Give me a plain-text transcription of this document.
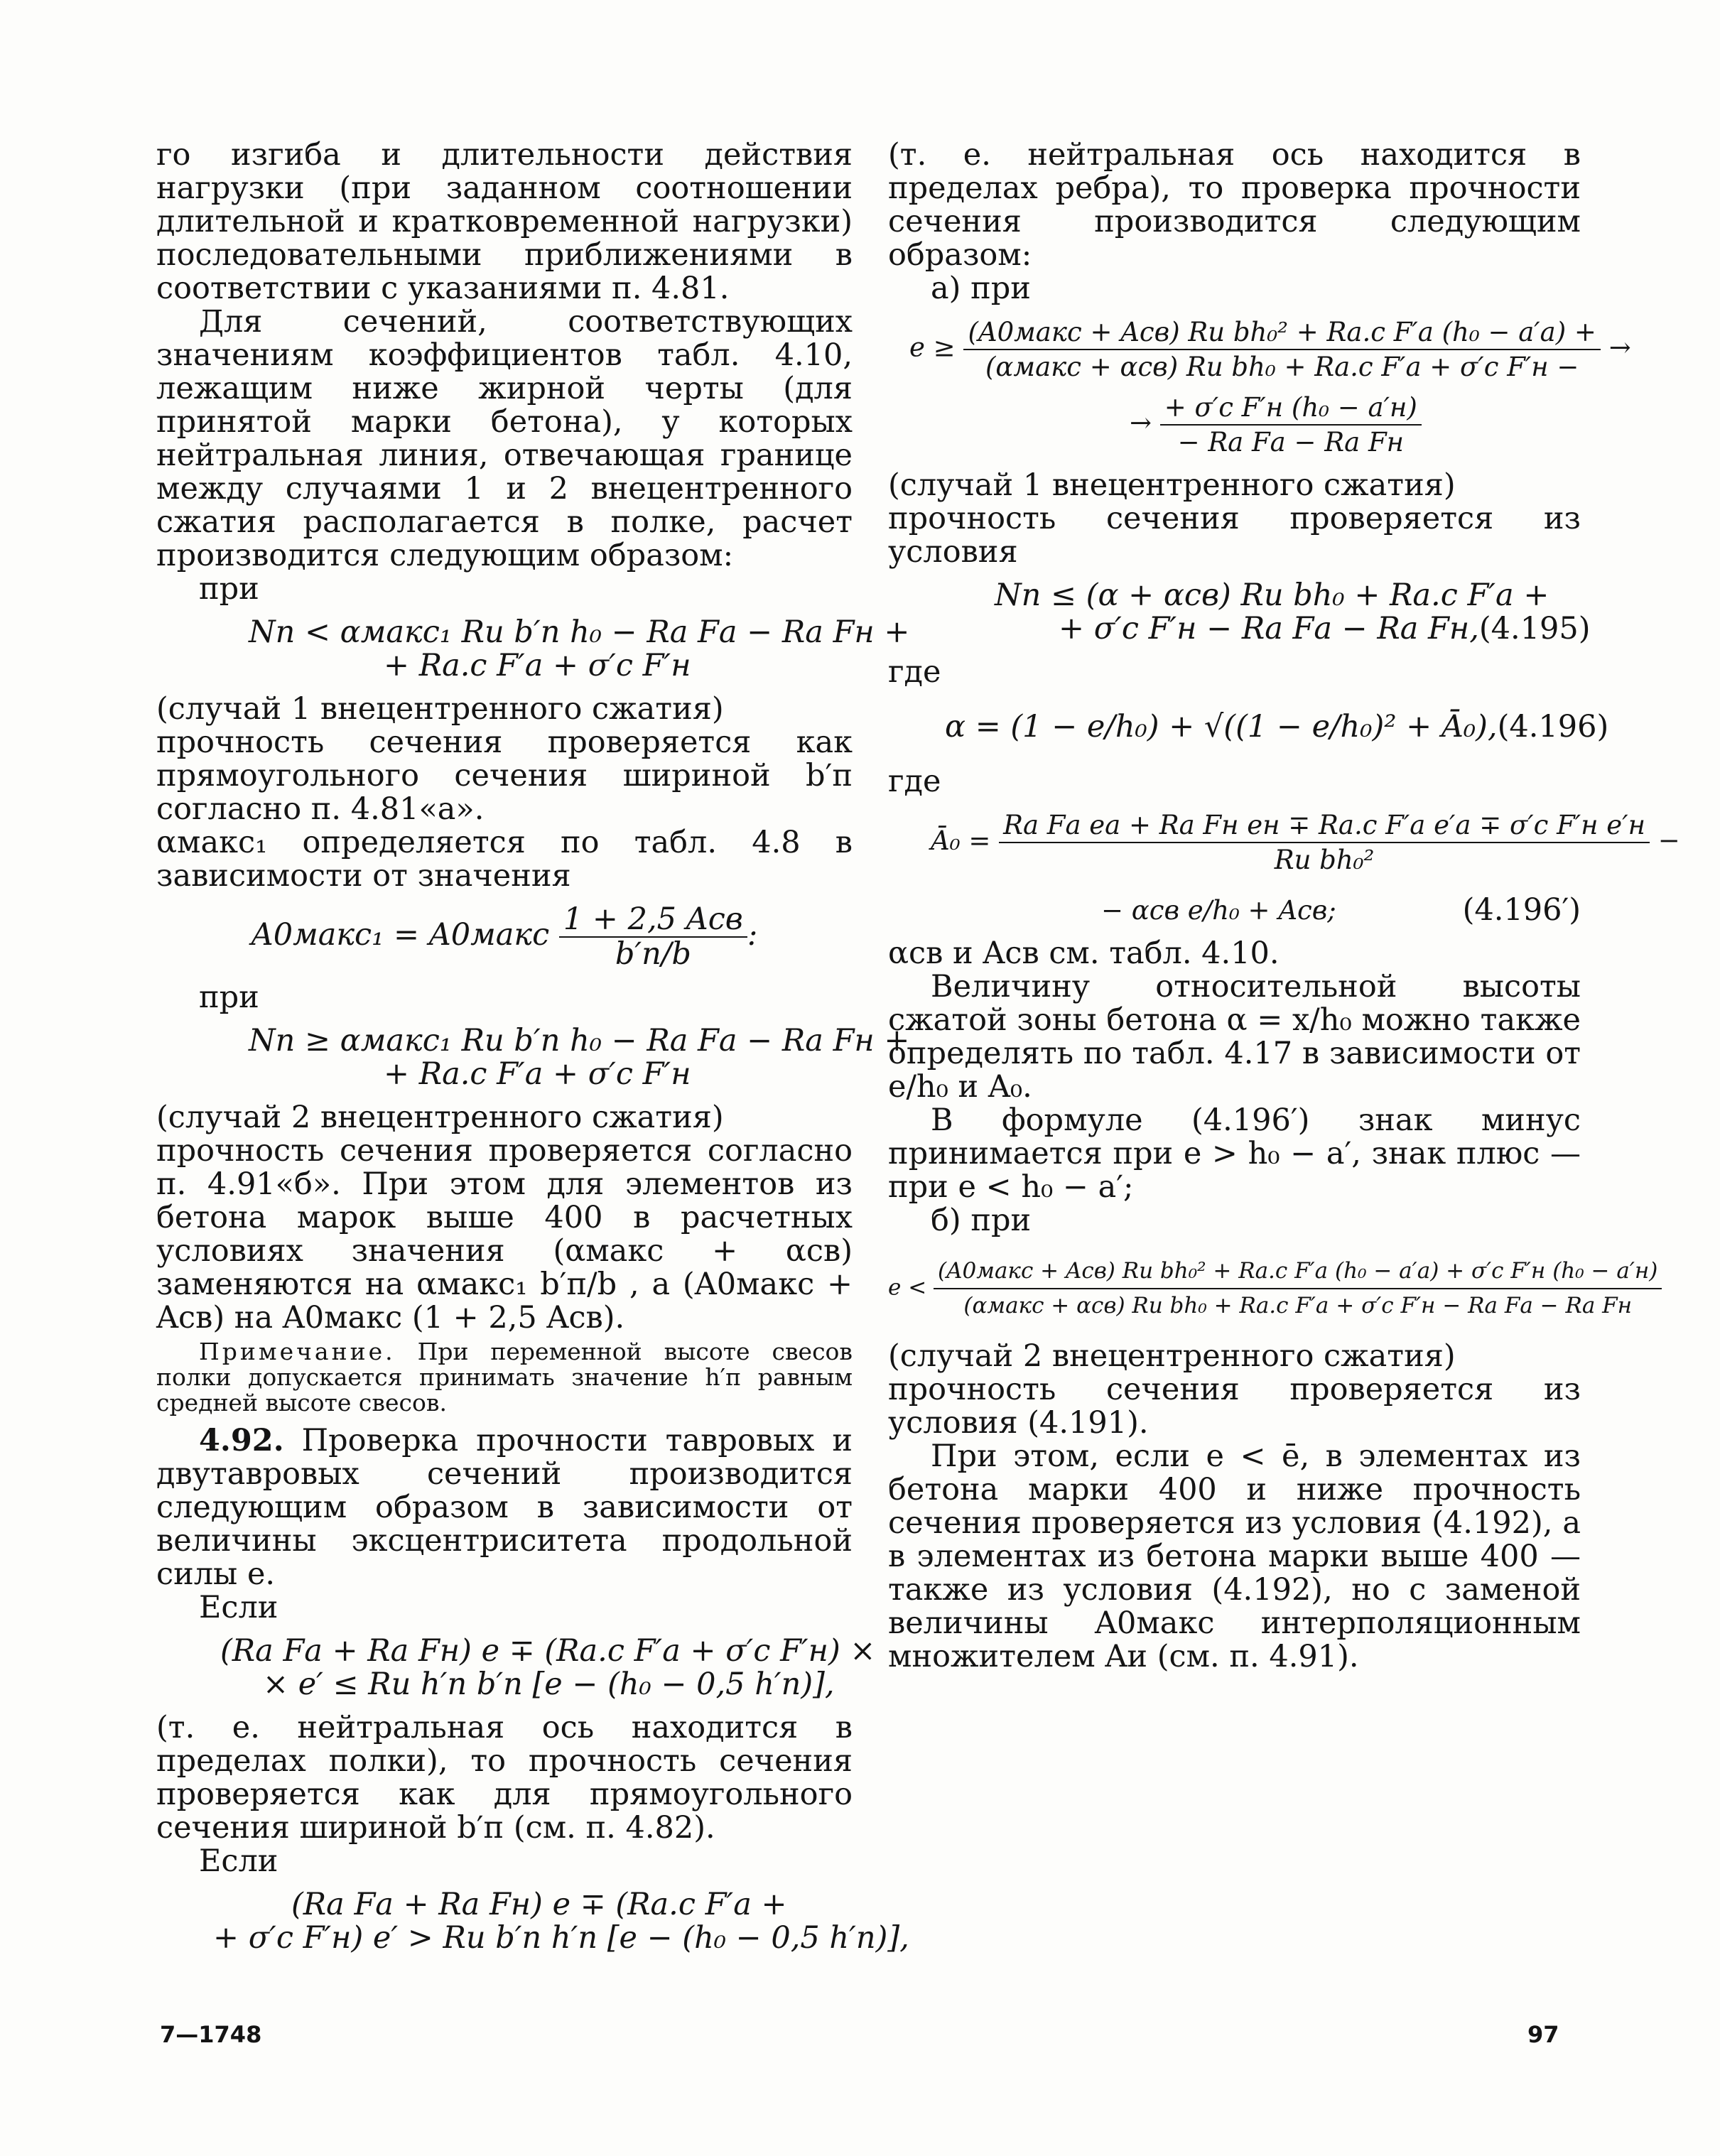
го изгиба и длительности действия нагрузки (при заданном соотношении длительной и кратковременной нагрузки) последовательными приближениями в соответствии с указаниями п. 4.81.

Для сечений, соответствующих значениям коэффициентов табл. 4.10, лежащим ниже жирной черты (для принятой марки бетона), у которых нейтральная линия, отвечающая границе между случаями 1 и 2 внецентренного сжатия располагается в полке, расчет производится следующим образом:

при

Nп < αмакс₁ Rи b′п h₀ − Rа Fа − Rа Fн +
+ Rа.с F′а + σ′с F′н

(случай 1 внецентренного сжатия)

прочность сечения проверяется как прямоугольного сечения шириной b′п согласно п. 4.81«а».

αмакс₁ определяется по табл. 4.8 в зависимости от значения

A0макс₁ = A0макс $\frac{\text{1 + 2,5 Aсв}}{b'п/b}$ :

при

Nп ≥ αмакс₁ Rи b′п h₀ − Rа Fа − Rа Fн +
+ Rа.с F′а + σ′с F′н

(случай 2 внецентренного сжатия)

прочность сечения проверяется согласно п. 4.91«б». При этом для элементов из бетона марок выше 400 в расчетных условиях значения (αмакс + αсв) заменяются на αмакс₁ b′п/b , а (A0макс + Aсв) на A0макс (1 + 2,5 Aсв).

Примечание. При переменной высоте свесов полки допускается принимать значение h′п равным средней высоте свесов.

4.92. Проверка прочности тавровых и двутавровых сечений производится следующим образом в зависимости от величины эксцентриситета продольной силы e.

Если

(Rа Fа + Rа Fн) e ∓ (Rа.с F′а + σ′с F′н) ×
× e′ ≤ Rи h′п b′п [e − (h₀ − 0,5 h′п)],

(т. е. нейтральная ось находится в пределах полки), то прочность сечения проверяется как для прямоугольного сечения шириной b′п (см. п. 4.82).

Если

(Rа Fа + Rа Fн) e ∓ (Rа.с F′а +
+ σ′с F′н) e′ > Rи b′п h′п [e − (h₀ − 0,5 h′п)],

(т. е. нейтральная ось находится в пределах ребра), то проверка прочности сечения производится следующим образом:

а) при

$e \ge \frac{\text{(A0макс + Aсв) Rи bh₀² + Rа.с F′а (h₀ − a′а) +}}{\text{(αмакс + αсв) Rи bh₀ + Rа.с F′а + σ′с F′н −}}$ →
→ $\frac{\text{+ σ′с F′н (h₀ − a′н)}}{\text{− Rа Fа − Rа Fн}}$

(случай 1 внецентренного сжатия)

прочность сечения проверяется из условия

Nп ≤ (α + αсв) Rи bh₀ + Rа.с F′а +
+ σ′с F′н − Rа Fа − Rа Fн, (4.195)

где

α = (1 − e/h₀) + √((1 − e/h₀)² + Ā₀), (4.196)

где

Ā₀ = $\frac{\text{Rа Fа eа + Rа Fн eн ∓ Rа.с F′а e′а ∓ σ′с F′н e′н}}{\text{Rи bh₀²}}$ −
− αсв e/h₀ + Aсв;	(4.196′)

αсв и Aсв см. табл. 4.10.

Величину относительной высоты сжатой зоны бетона α = x/h₀ можно также определять по табл. 4.17 в зависимости от e/h₀ и A₀.

В формуле (4.196′) знак минус принимается при e > h₀ − a′, знак плюс — при e < h₀ − a′;

б) при

e <
(A0макс + Aсв) Rи bh₀² + Rа.с F′а (h₀ − a′а) + σ′с F′н (h₀ − a′н)
(αмакс + αсв) Rи bh₀ + Rа.с F′а + σ′с F′н − Rа Fа − Rа Fн

(случай 2 внецентренного сжатия)

прочность сечения проверяется из условия (4.191).

При этом, если e < ē, в элементах из бетона марки 400 и ниже прочность сечения проверяется из условия (4.192), а в элементах из бетона марки выше 400 — также из условия (4.192), но с заменой величины A0макс интерполяционным множителем Aи (см. п. 4.91).

7—1748	97
